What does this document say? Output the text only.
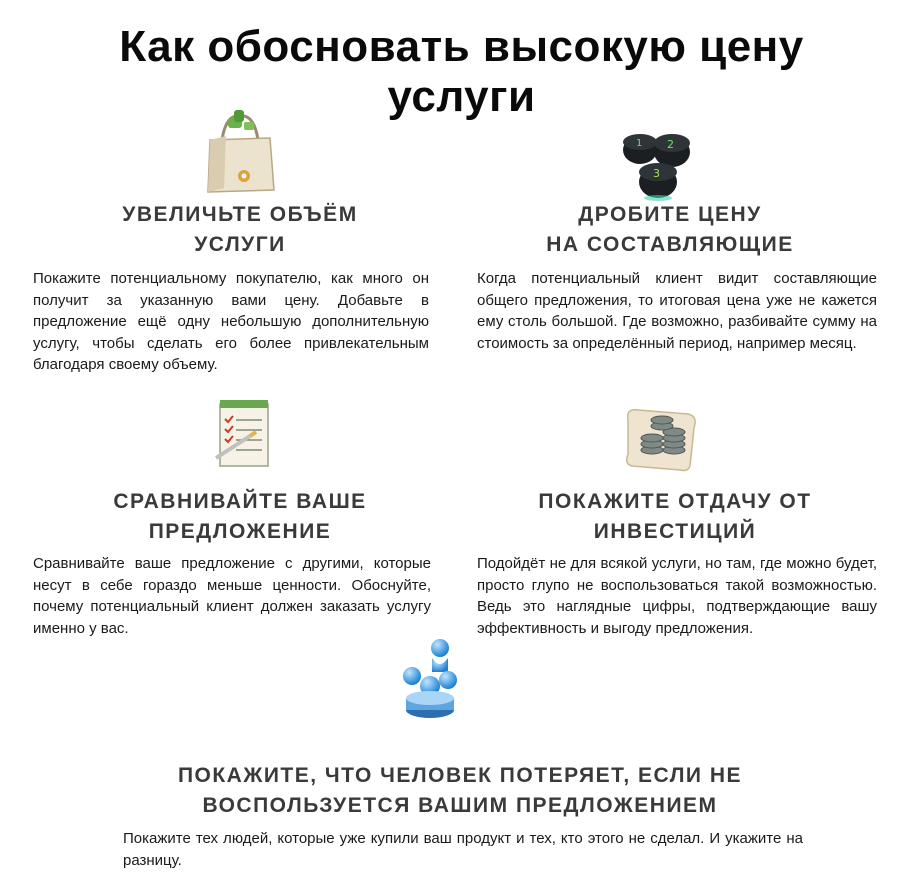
Как обосновать высокую цену
услуги
1 2
3
УВЕЛИЧЬТЕ ОБЪЁМ
УСЛУГИ
Покажите потенциальному покупателю, как много он получит за указанную вами цену. Добавьте в предложение ещё одну небольшую дополнительную услугу, чтобы сделать его более привлекательным благодаря своему объему.
ДРОБИТЕ ЦЕНУ
НА СОСТАВЛЯЮЩИЕ
Когда потенциальный клиент видит составляющие общего предложения, то итоговая цена уже не кажется ему столь большой. Где возможно, разбивайте сумму на стоимость за определённый период, например месяц.
СРАВНИВАЙТЕ ВАШЕ
ПРЕДЛОЖЕНИЕ
Сравнивайте ваше предложение с другими, которые несут в себе гораздо меньше ценности. Обоснуйте, почему потенциальный клиент должен заказать услугу именно у вас.
ПОКАЖИТЕ ОТДАЧУ ОТ
ИНВЕСТИЦИЙ
Подойдёт не для всякой услуги, но там, где можно будет, просто глупо не воспользоваться такой возможностью. Ведь это наглядные цифры, подтверждающие вашу эффективность и выгоду предложения.
ПОКАЖИТЕ, ЧТО ЧЕЛОВЕК ПОТЕРЯЕТ, ЕСЛИ НЕ
ВОСПОЛЬЗУЕТСЯ ВАШИМ ПРЕДЛОЖЕНИЕМ
Покажите тех людей, которые уже купили ваш продукт и тех, кто этого не сделал. И укажите на разницу.
